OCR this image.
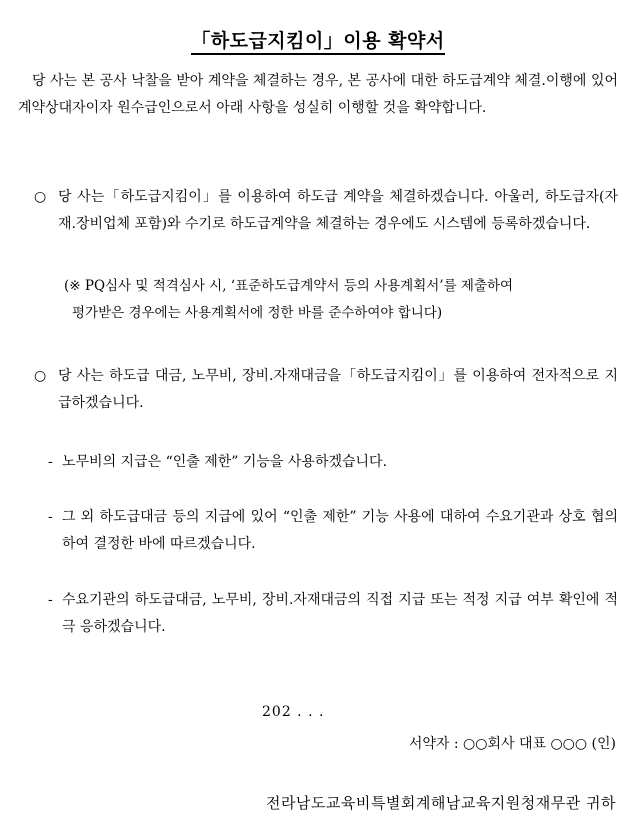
「하도급지킴이」이용 확약서
당 사는 본 공사 낙찰을 받아 계약을 체결하는 경우, 본 공사에 대한 하도급계약 체결.이행에 있어 계약상대자이자 원수급인으로서 아래 사항을 성실히 이행할 것을 확약합니다.
○ 당 사는「하도급지킴이」를 이용하여 하도급 계약을 체결하겠습니다. 아울러, 하도급자(자재.장비업체 포함)와 수기로 하도급계약을 체결하는 경우에도 시스템에 등록하겠습니다.
(※ PQ심사 및 적격심사 시, ‘표준하도급계약서 등의 사용계획서’를 제출하여
평가받은 경우에는 사용계획서에 정한 바를 준수하여야 합니다)
○ 당 사는 하도급 대금, 노무비, 장비.자재대금을「하도급지킴이」를 이용하여 전자적으로 지급하겠습니다.
- 노무비의 지급은 “인출 제한” 기능을 사용하겠습니다.
- 그 외 하도급대금 등의 지급에 있어 “인출 제한” 기능 사용에 대하여 수요기관과 상호 협의하여 결정한 바에 따르겠습니다.
- 수요기관의 하도급대금, 노무비, 장비.자재대금의 직접 지급 또는 적정 지급 여부 확인에 적극 응하겠습니다.
202 . . .
서약자 : ○○회사 대표 ○○○ (인)
전라남도교육비특별회계해남교육지원청재무관 귀하
